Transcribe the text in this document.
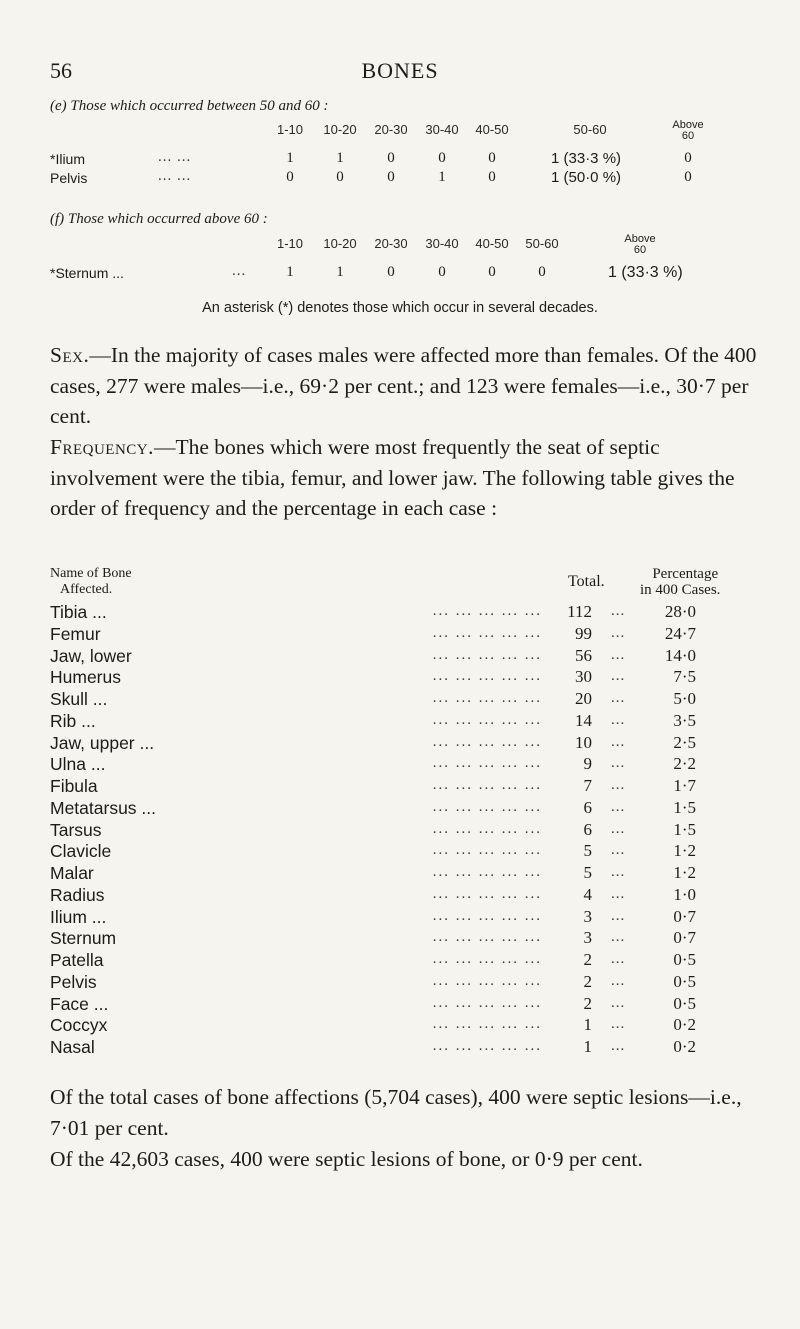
56	BONES
(e) Those which occurred between 50 and 60 :
1-10	10-20 20-30 30-40 40-50	50-60	Above 60
*Ilium	... ...	1	1	0	0	0	1 (33·3 %)	0
Pelvis	... ...	0	0	0	1	0	1 (50·0 %)	0
(f) Those which occurred above 60 :
1-10	10-20 20-30 30-40 40-50 50-60	Above 60
*Sternum ...	...	1	1	0	0	0	0	1 (33·3 %)
An asterisk (*) denotes those which occur in several decades.
Sex.—In the majority of cases males were affected more than females. Of the 400 cases, 277 were males—i.e., 69·2 per cent.; and 123 were females—i.e., 30·7 per cent.
Frequency.—The bones which were most frequently the seat of septic involvement were the tibia, femur, and lower jaw. The following table gives the order of frequency and the percentage in each case :
Name of Bone
Affected.	Total.	Percentage
in 400 Cases.
Tibia ...	... ... ... ... ...	112 ...	28·0
Femur	... ... ... ... ...	99 ...	24·7
Jaw, lower	... ... ... ... ...	56 ...	14·0
Humerus	... ... ... ... ...	30 ...	7·5
Skull ...	... ... ... ... ...	20 ...	5·0
Rib ...	... ... ... ... ...	14 ...	3·5
Jaw, upper ...	... ... ... ... ...	10 ...	2·5
Ulna ...	... ... ... ... ...	9 ...	2·2
Fibula	... ... ... ... ...	7 ...	1·7
Metatarsus ...	... ... ... ... ...	6 ...	1·5
Tarsus	... ... ... ... ...	6 ...	1·5
Clavicle	... ... ... ... ...	5 ...	1·2
Malar	... ... ... ... ...	5 ...	1·2
Radius	... ... ... ... ...	4 ...	1·0
Ilium ...	... ... ... ... ...	3 ...	0·7
Sternum	... ... ... ... ...	3 ...	0·7
Patella	... ... ... ... ...	2 ...	0·5
Pelvis	... ... ... ... ...	2 ...	0·5
Face ...	... ... ... ... ...	2 ...	0·5
Coccyx	... ... ... ... ...	1 ...	0·2
Nasal	... ... ... ... ...	1 ...	0·2
Of the total cases of bone affections (5,704 cases), 400 were septic lesions—i.e., 7·01 per cent.
Of the 42,603 cases, 400 were septic lesions of bone, or 0·9 per cent.
